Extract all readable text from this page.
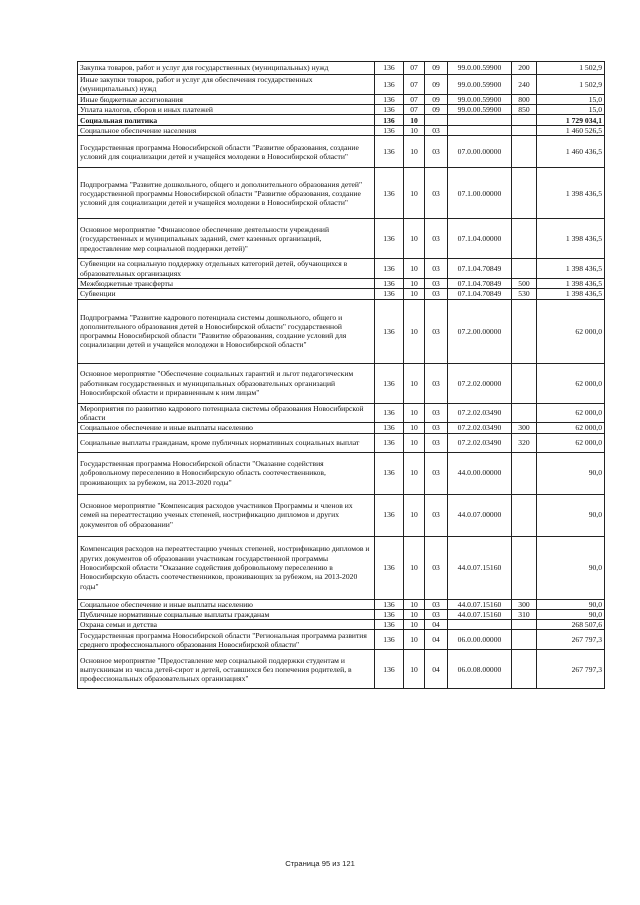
Закупка товаров, работ и услуг для государственных (муниципальных) нужд	136	07	09	99.0.00.59900	200	1 502,9
Иные закупки товаров, работ и услуг для обеспечения государственных (муниципальных) нужд	136	07	09	99.0.00.59900	240	1 502,9
Иные бюджетные ассигнования	136	07	09	99.0.00.59900	800	15,0
Уплата налогов, сборов и иных платежей	136	07	09	99.0.00.59900	850	15,0
Социальная политика	136	10				1 729 034,1
Социальное обеспечение населения	136	10	03			1 460 526,5
Государственная программа Новосибирской области "Развитие образования, создание условий для социализации детей и учащейся молодежи в Новосибирской области"	136	10	03	07.0.00.00000		1 460 436,5
Подпрограмма "Развитие дошкольного, общего и дополнительного образования детей" государственной программы Новосибирской области "Развитие образования, создание условий для социализации детей и учащейся молодежи в Новосибирской области"	136	10	03	07.1.00.00000		1 398 436,5
Основное мероприятие "Финансовое обеспечение деятельности учреждений (государственных и муниципальных заданий, смет казенных организаций, предоставление мер социальной поддержки детей)"	136	10	03	07.1.04.00000		1 398 436,5
Субвенции на социальную поддержку отдельных категорий детей, обучающихся в образовательных организациях	136	10	03	07.1.04.70849		1 398 436,5
Межбюджетные трансферты	136	10	03	07.1.04.70849	500	1 398 436,5
Субвенции	136	10	03	07.1.04.70849	530	1 398 436,5
Подпрограмма "Развитие кадрового потенциала системы дошкольного, общего и дополнительного образования детей в Новосибирской области" государственной программы Новосибирской области "Развитие образования, создание условий для социализации детей и учащейся молодежи в Новосибирской области"	136	10	03	07.2.00.00000		62 000,0
Основное мероприятие "Обеспечение социальных гарантий и льгот педагогическим работникам государственных и муниципальных образовательных организаций Новосибирской области и приравненным к ним лицам"	136	10	03	07.2.02.00000		62 000,0
Мероприятия по развитию кадрового потенциала системы образования Новосибирской области	136	10	03	07.2.02.03490		62 000,0
Социальное обеспечение и иные выплаты населению	136	10	03	07.2.02.03490	300	62 000,0
Социальные выплаты гражданам, кроме публичных нормативных социальных выплат	136	10	03	07.2.02.03490	320	62 000,0
Государственная программа Новосибирской области "Оказание содействия добровольному переселению в Новосибирскую область соотечественников, проживающих за рубежом, на 2013-2020 годы"	136	10	03	44.0.00.00000		90,0
Основное мероприятие "Компенсация расходов участников Программы и членов их семей на переаттестацию ученых степеней, нострификацию дипломов и других документов об образовании"	136	10	03	44.0.07.00000		90,0
Компенсация расходов на переаттестацию ученых степеней, нострификацию дипломов и других документов об образовании участникам государственной программы Новосибирской области "Оказание содействия добровольному переселению в Новосибирскую область соотечественников, проживающих за рубежом, на 2013-2020 годы"	136	10	03	44.0.07.15160		90,0
Социальное обеспечение и иные выплаты населению	136	10	03	44.0.07.15160	300	90,0
Публичные нормативные социальные выплаты гражданам	136	10	03	44.0.07.15160	310	90,0
Охрана семьи и детства	136	10	04			268 507,6
Государственная программа Новосибирской области "Региональная программа развития среднего профессионального образования Новосибирской области"	136	10	04	06.0.00.00000		267 797,3
Основное мероприятие "Предоставление мер социальной поддержки студентам и выпускникам из числа детей-сирот и детей, оставшихся без попечения родителей, в профессиональных образовательных организациях"	136	10	04	06.0.08.00000		267 797,3
Страница 95 из 121
